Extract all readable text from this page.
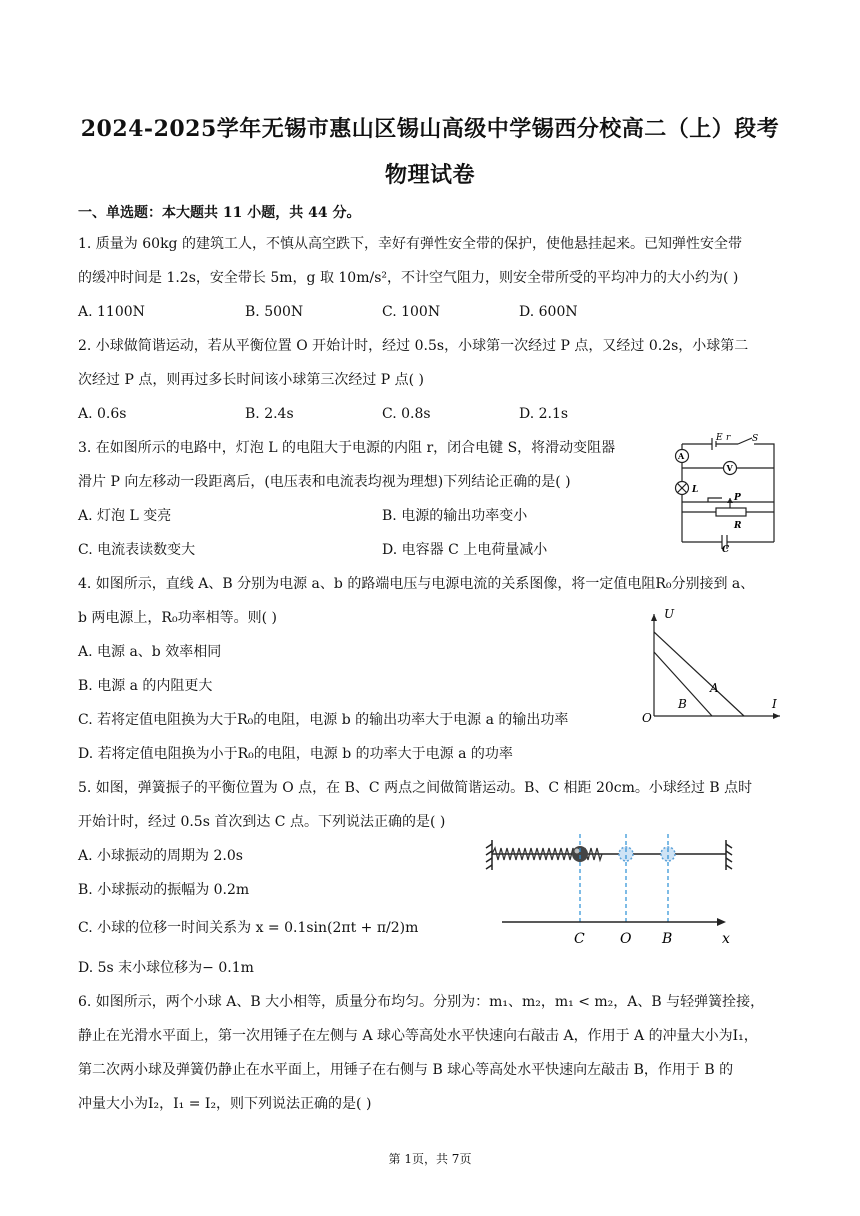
2024-2025学年无锡市惠山区锡山高级中学锡西分校高二（上）段考
物理试卷
一、单选题：本大题共 11 小题，共 44 分。
1. 质量为 60kg 的建筑工人，不慎从高空跌下，幸好有弹性安全带的保护，使他悬挂起来。已知弹性安全带
的缓冲时间是 1.2s，安全带长 5m，g 取 10m/s²，不计空气阻力，则安全带所受的平均冲力的大小约为( )
A. 1100N	B. 500N	C. 100N	D. 600N
2. 小球做简谐运动，若从平衡位置 O 开始计时，经过 0.5s，小球第一次经过 P 点，又经过 0.2s，小球第二
次经过 P 点，则再过多长时间该小球第三次经过 P 点( )
A. 0.6s	B. 2.4s	C. 0.8s	D. 2.1s
3. 在如图所示的电路中，灯泡 L 的电阻大于电源的内阻 r，闭合电键 S，将滑动变阻器
滑片 P 向左移动一段距离后，(电压表和电流表均视为理想)下列结论正确的是( )
A. 灯泡 L 变亮	B. 电源的输出功率变小
C. 电流表读数变大	D. 电容器 C 上电荷量减小
E r S
A
V
L
P
R
C
4. 如图所示，直线 A、B 分别为电源 a、b 的路端电压与电源电流的关系图像，将一定值电阻R₀分别接到 a、
b 两电源上，R₀功率相等。则( )
A. 电源 a、b 效率相同
B. 电源 a 的内阻更大
C. 若将定值电阻换为大于R₀的电阻，电源 b 的输出功率大于电源 a 的输出功率
D. 若将定值电阻换为小于R₀的电阻，电源 b 的功率大于电源 a 的功率
U
I
O
A
B
5. 如图，弹簧振子的平衡位置为 O 点，在 B、C 两点之间做简谐运动。B、C 相距 20cm。小球经过 B 点时
开始计时，经过 0.5s 首次到达 C 点。下列说法正确的是( )
A. 小球振动的周期为 2.0s
B. 小球振动的振幅为 0.2m
C. 小球的位移一时间关系为 x = 0.1sin(2πt + π/2)m
D. 5s 末小球位移为− 0.1m
C	O B	x
6. 如图所示，两个小球 A、B 大小相等，质量分布均匀。分别为：m₁、m₂，m₁ < m₂，A、B 与轻弹簧拴接，
静止在光滑水平面上，第一次用锤子在左侧与 A 球心等高处水平快速向右敲击 A，作用于 A 的冲量大小为I₁，
第二次两小球及弹簧仍静止在水平面上，用锤子在右侧与 B 球心等高处水平快速向左敲击 B，作用于 B 的
冲量大小为I₂，I₁ = I₂，则下列说法正确的是( )
第 1页，共 7页
